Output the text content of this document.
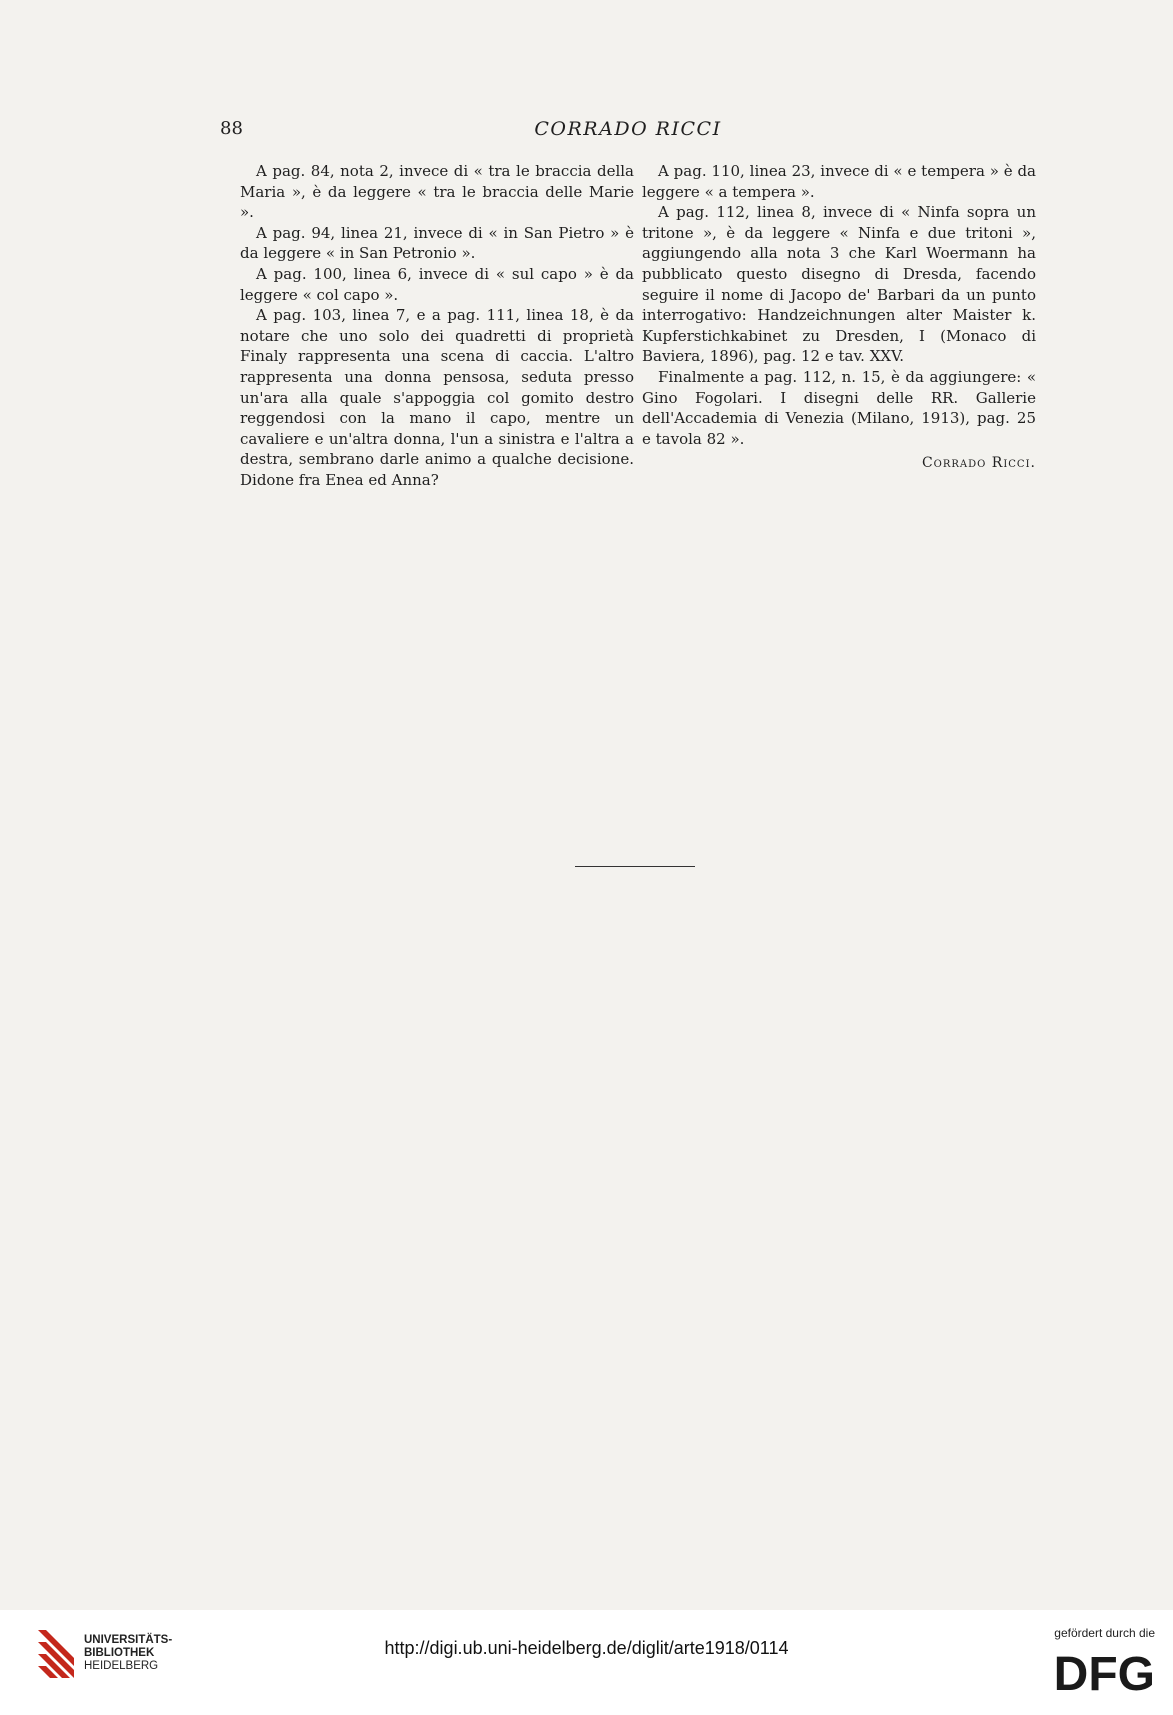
88	CORRADO RICCI

A pag. 84, nota 2, invece di « tra le braccia della Maria », è da leggere « tra le braccia delle Marie ».

A pag. 94, linea 21, invece di « in San Pietro » è da leggere « in San Petronio ».

A pag. 100, linea 6, invece di « sul capo » è da leggere « col capo ».

A pag. 103, linea 7, e a pag. 111, linea 18, è da notare che uno solo dei quadretti di proprietà Finaly rappresenta una scena di caccia. L'altro rappresenta una donna pensosa, seduta presso un'ara alla quale s'appoggia col gomito destro reggendosi con la mano il capo, mentre un cavaliere e un'altra donna, l'un a sinistra e l'altra a destra, sembrano darle animo a qualche decisione. Didone fra Enea ed Anna?

A pag. 110, linea 23, invece di « e tempera » è da leggere « a tempera ».

A pag. 112, linea 8, invece di « Ninfa sopra un tritone », è da leggere « Ninfa e due tritoni », aggiungendo alla nota 3 che Karl Woermann ha pubblicato questo disegno di Dresda, facendo seguire il nome di Jacopo de' Barbari da un punto interrogativo: Handzeichnungen alter Maister k. Kupferstichkabinet zu Dresden, I (Monaco di Baviera, 1896), pag. 12 e tav. XXV.

Finalmente a pag. 112, n. 15, è da aggiungere: « Gino Fogolari. I disegni delle RR. Gallerie dell'Accademia di Venezia (Milano, 1913), pag. 25 e tavola 82 ».

Corrado Ricci.
UNIVERSITÄTS-
BIBLIOTHEK
HEIDELBERG
http://digi.ub.uni-heidelberg.de/diglit/arte1918/0114
gefördert durch die
DFG
